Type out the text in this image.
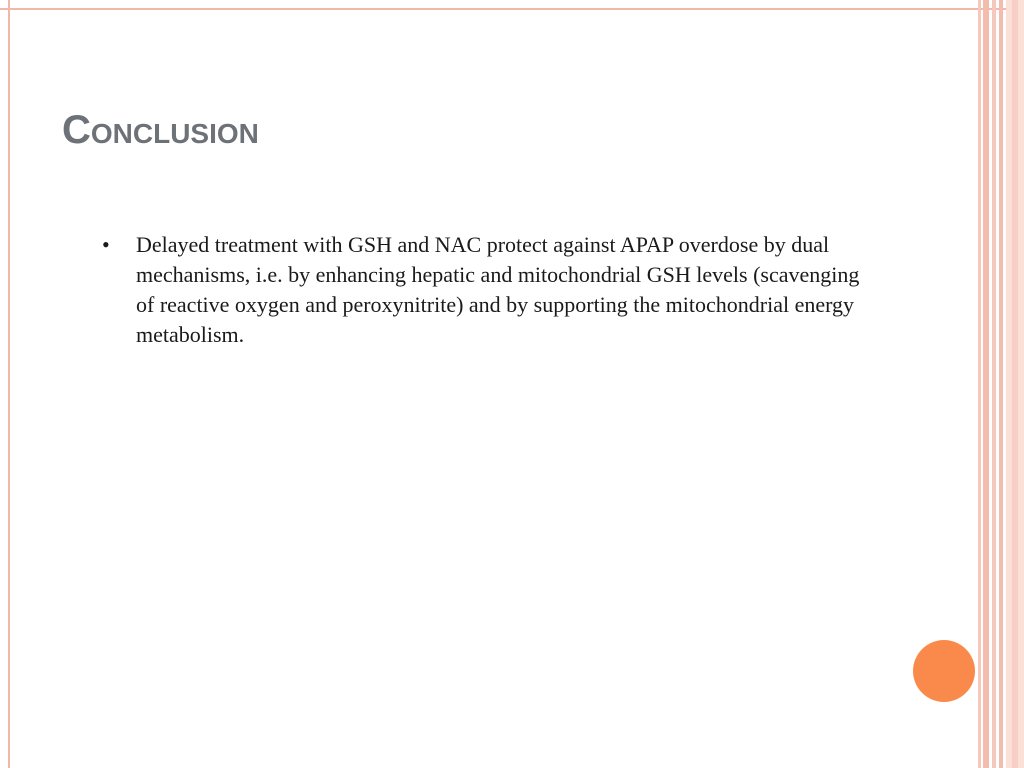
Conclusion
• Delayed treatment with GSH and NAC protect against APAP overdose by dual mechanisms, i.e. by enhancing hepatic and mitochondrial GSH levels (scavenging of reactive oxygen and peroxynitrite) and by supporting the mitochondrial energy metabolism.
